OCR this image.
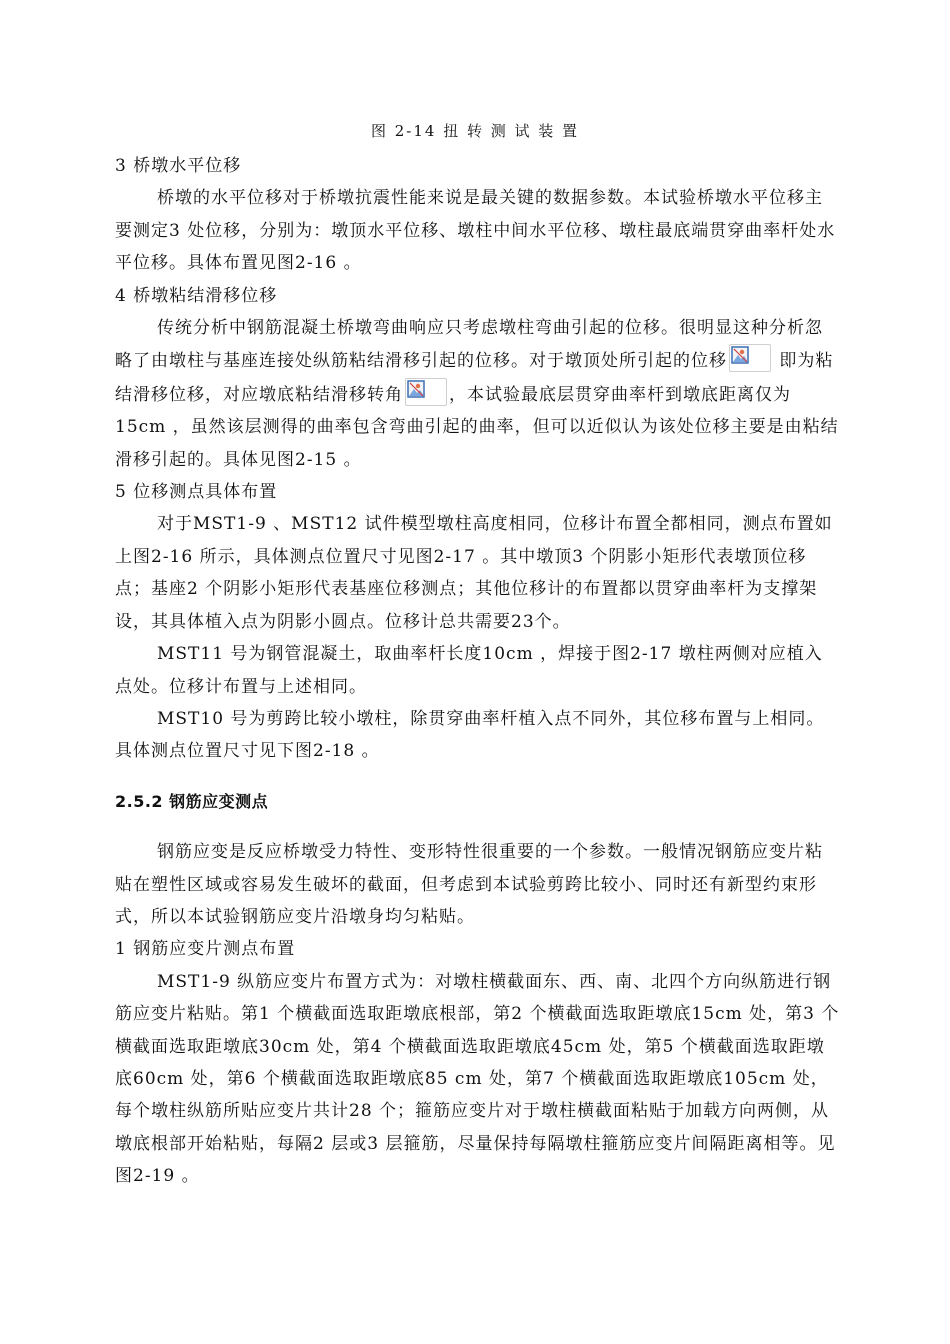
图 2-14 扭 转 测 试 装 置

3 桥墩水平位移

桥墩的水平位移对于桥墩抗震性能来说是最关键的数据参数。本试验桥墩水平位移主要测定3 处位移，分别为：墩顶水平位移、墩柱中间水平位移、墩柱最底端贯穿曲率杆处水平位移。具体布置见图2-16 。

4 桥墩粘结滑移位移

传统分析中钢筋混凝土桥墩弯曲响应只考虑墩柱弯曲引起的位移。很明显这种分析忽略了由墩柱与基座连接处纵筋粘结滑移引起的位移。对于墩顶处所引起的位移	即为粘结滑移位移，对应墩底粘结滑移转角	，本试验最底层贯穿曲率杆到墩底距离仅为15cm ，虽然该层测得的曲率包含弯曲引起的曲率，但可以近似认为该处位移主要是由粘结滑移引起的。具体见图2-15 。

5 位移测点具体布置

对于MST1-9 、MST12 试件模型墩柱高度相同，位移计布置全都相同，测点布置如上图2-16 所示，具体测点位置尺寸见图2-17 。其中墩顶3 个阴影小矩形代表墩顶位移点；基座2 个阴影小矩形代表基座位移测点；其他位移计的布置都以贯穿曲率杆为支撑架设，其具体植入点为阴影小圆点。位移计总共需要23个。

MST11 号为钢管混凝土，取曲率杆长度10cm ，焊接于图2-17 墩柱两侧对应植入点处。位移计布置与上述相同。

MST10 号为剪跨比较小墩柱，除贯穿曲率杆植入点不同外，其位移布置与上相同。具体测点位置尺寸见下图2-18 。

2.5.2 钢筋应变测点

钢筋应变是反应桥墩受力特性、变形特性很重要的一个参数。一般情况钢筋应变片粘贴在塑性区域或容易发生破坏的截面，但考虑到本试验剪跨比较小、同时还有新型约束形式，所以本试验钢筋应变片沿墩身均匀粘贴。

1 钢筋应变片测点布置

MST1-9 纵筋应变片布置方式为：对墩柱横截面东、西、南、北四个方向纵筋进行钢筋应变片粘贴。第1 个横截面选取距墩底根部，第2 个横截面选取距墩底15cm 处，第3 个横截面选取距墩底30cm 处，第4 个横截面选取距墩底45cm 处，第5 个横截面选取距墩底60cm 处，第6 个横截面选取距墩底85 cm 处，第7 个横截面选取距墩底105cm 处，每个墩柱纵筋所贴应变片共计28 个；箍筋应变片对于墩柱横截面粘贴于加载方向两侧，从墩底根部开始粘贴，每隔2 层或3 层箍筋，尽量保持每隔墩柱箍筋应变片间隔距离相等。见图2-19 。
